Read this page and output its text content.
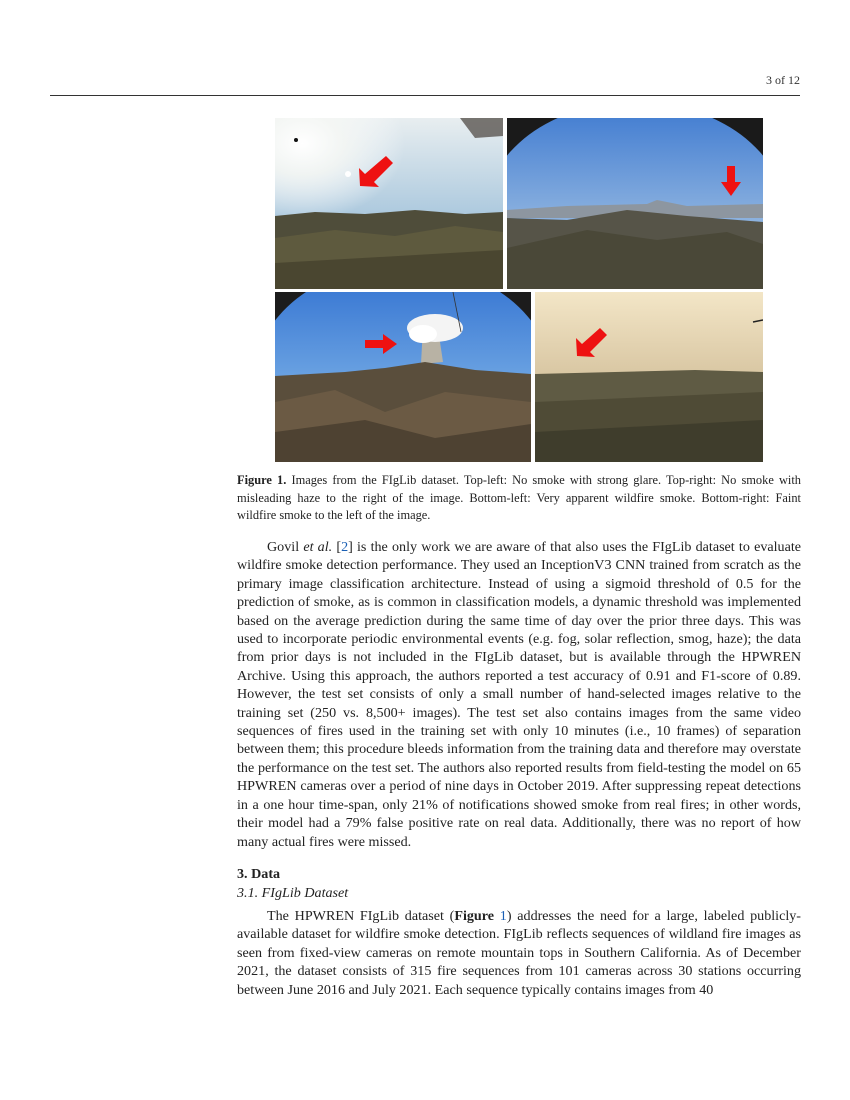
3 of 12
Figure 1. Images from the FIgLib dataset. Top-left: No smoke with strong glare. Top-right: No smoke with misleading haze to the right of the image. Bottom-left: Very apparent wildfire smoke. Bottom-right: Faint wildfire smoke to the left of the image.

Govil et al. [2] is the only work we are aware of that also uses the FIgLib dataset to evaluate wildfire smoke detection performance. They used an InceptionV3 CNN trained from scratch as the primary image classification architecture. Instead of using a sigmoid threshold of 0.5 for the prediction of smoke, as is common in classification models, a dynamic threshold was implemented based on the average prediction during the same time of day over the prior three days. This was used to incorporate periodic environmental events (e.g. fog, solar reflection, smog, haze); the data from prior days is not included in the FIgLib dataset, but is available through the HPWREN Archive. Using this approach, the authors reported a test accuracy of 0.91 and F1-score of 0.89. However, the test set consists of only a small number of hand-selected images relative to the training set (250 vs. 8,500+ images). The test set also contains images from the same video sequences of fires used in the training set with only 10 minutes (i.e., 10 frames) of separation between them; this procedure bleeds information from the training data and therefore may overstate the performance on the test set. The authors also reported results from field-testing the model on 65 HPWREN cameras over a period of nine days in October 2019. After suppressing repeat detections in a one hour time-span, only 21% of notifications showed smoke from real fires; in other words, their model had a 79% false positive rate on real data. Additionally, there was no report of how many actual fires were missed.

3. Data
3.1. FIgLib Dataset

The HPWREN FIgLib dataset (Figure 1) addresses the need for a large, labeled publicly-available dataset for wildfire smoke detection. FIgLib reflects sequences of wildland fire images as seen from fixed-view cameras on remote mountain tops in Southern California. As of December 2021, the dataset consists of 315 fire sequences from 101 cameras across 30 stations occurring between June 2016 and July 2021. Each sequence typically contains images from 40
